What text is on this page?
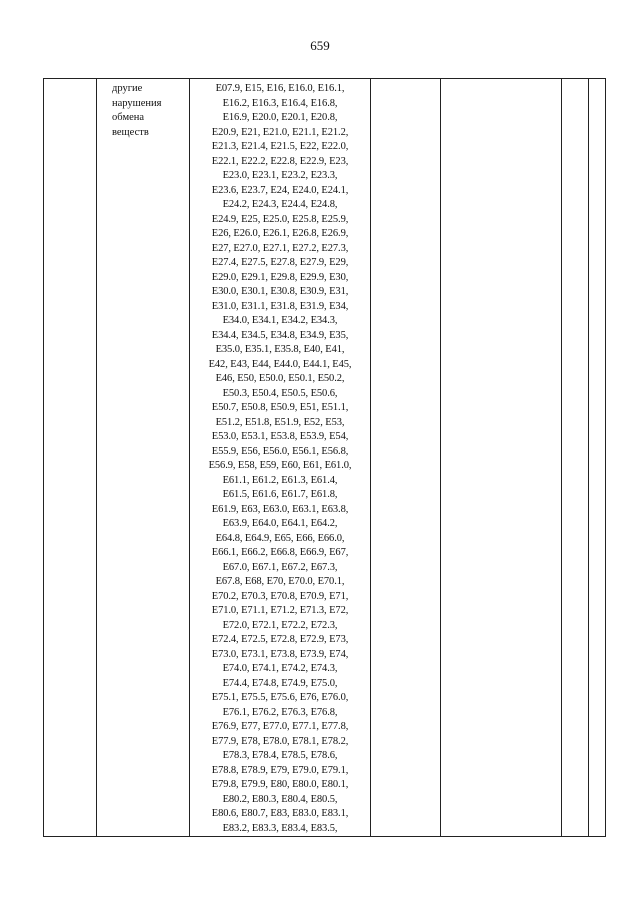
659

другие
нарушения
обмена
веществ

E07.9, E15, E16, E16.0, E16.1,
E16.2, E16.3, E16.4, E16.8,
E16.9, E20.0, E20.1, E20.8,
E20.9, E21, E21.0, E21.1, E21.2,
E21.3, E21.4, E21.5, E22, E22.0,
E22.1, E22.2, E22.8, E22.9, E23,
E23.0, E23.1, E23.2, E23.3,
E23.6, E23.7, E24, E24.0, E24.1,
E24.2, E24.3, E24.4, E24.8,
E24.9, E25, E25.0, E25.8, E25.9,
E26, E26.0, E26.1, E26.8, E26.9,
E27, E27.0, E27.1, E27.2, E27.3,
E27.4, E27.5, E27.8, E27.9, E29,
E29.0, E29.1, E29.8, E29.9, E30,
E30.0, E30.1, E30.8, E30.9, E31,
E31.0, E31.1, E31.8, E31.9, E34,
E34.0, E34.1, E34.2, E34.3,
E34.4, E34.5, E34.8, E34.9, E35,
E35.0, E35.1, E35.8, E40, E41,
E42, E43, E44, E44.0, E44.1, E45,
E46, E50, E50.0, E50.1, E50.2,
E50.3, E50.4, E50.5, E50.6,
E50.7, E50.8, E50.9, E51, E51.1,
E51.2, E51.8, E51.9, E52, E53,
E53.0, E53.1, E53.8, E53.9, E54,
E55.9, E56, E56.0, E56.1, E56.8,
E56.9, E58, E59, E60, E61, E61.0,
E61.1, E61.2, E61.3, E61.4,
E61.5, E61.6, E61.7, E61.8,
E61.9, E63, E63.0, E63.1, E63.8,
E63.9, E64.0, E64.1, E64.2,
E64.8, E64.9, E65, E66, E66.0,
E66.1, E66.2, E66.8, E66.9, E67,
E67.0, E67.1, E67.2, E67.3,
E67.8, E68, E70, E70.0, E70.1,
E70.2, E70.3, E70.8, E70.9, E71,
E71.0, E71.1, E71.2, E71.3, E72,
E72.0, E72.1, E72.2, E72.3,
E72.4, E72.5, E72.8, E72.9, E73,
E73.0, E73.1, E73.8, E73.9, E74,
E74.0, E74.1, E74.2, E74.3,
E74.4, E74.8, E74.9, E75.0,
E75.1, E75.5, E75.6, E76, E76.0,
E76.1, E76.2, E76.3, E76.8,
E76.9, E77, E77.0, E77.1, E77.8,
E77.9, E78, E78.0, E78.1, E78.2,
E78.3, E78.4, E78.5, E78.6,
E78.8, E78.9, E79, E79.0, E79.1,
E79.8, E79.9, E80, E80.0, E80.1,
E80.2, E80.3, E80.4, E80.5,
E80.6, E80.7, E83, E83.0, E83.1,
E83.2, E83.3, E83.4, E83.5,
